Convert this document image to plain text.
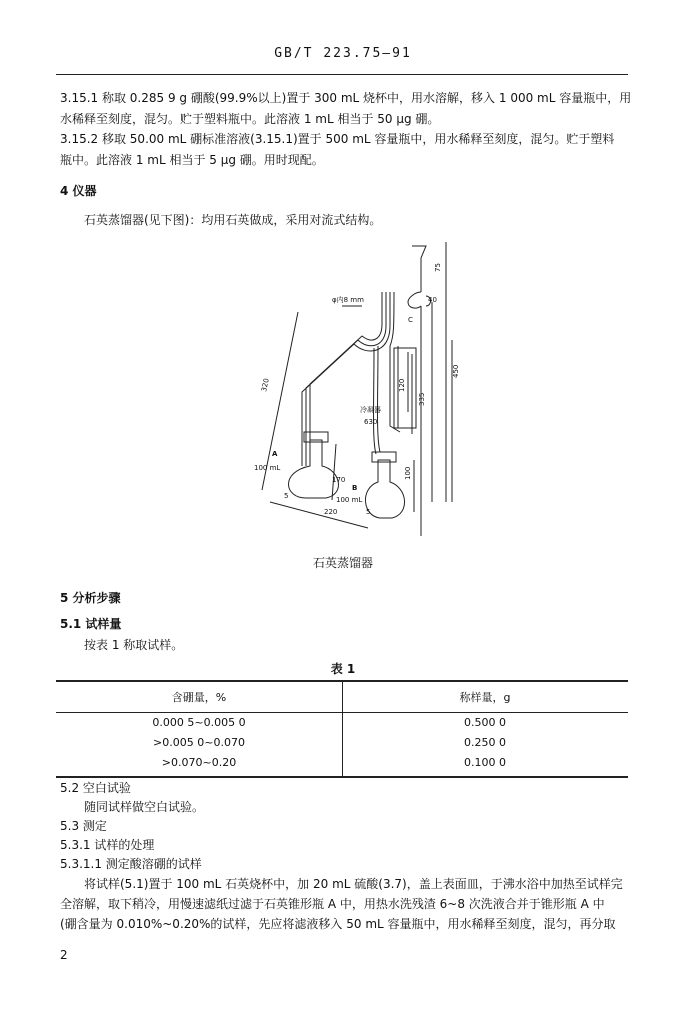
GB/T 223.75—91
3.15.1 称取 0.285 9 g 硼酸(99.9%以上)置于 300 mL 烧杯中，用水溶解，移入 1 000 mL 容量瓶中，用
水稀释至刻度，混匀。贮于塑料瓶中。此溶液 1 mL 相当于 50 μg 硼。
3.15.2 移取 50.00 mL 硼标准溶液(3.15.1)置于 500 mL 容量瓶中，用水稀释至刻度，混匀。贮于塑料
瓶中。此溶液 1 mL 相当于 5 μg 硼。用时现配。
4 仪器
石英蒸馏器(见下图)：均用石英做成，采用对流式结构。
φ内8 mm
320
冷凝器
630
A
100 mL
170
5
B
100 mL
5
220
120
335
100
450
75
40
C
石英蒸馏器
5 分析步骤
5.1 试样量
按表 1 称取试样。
表 1
含硼量，%	称样量，g
0.000 5~0.005 0	0.500 0
>0.005 0~0.070	0.250 0
>0.070~0.20	0.100 0
5.2 空白试验
随同试样做空白试验。
5.3 测定
5.3.1 试样的处理
5.3.1.1 测定酸溶硼的试样
将试样(5.1)置于 100 mL 石英烧杯中，加 20 mL 硫酸(3.7)，盖上表面皿，于沸水浴中加热至试样完
全溶解，取下稍冷，用慢速滤纸过滤于石英锥形瓶 A 中，用热水洗残渣 6~8 次洗液合并于锥形瓶 A 中
(硼含量为 0.010%~0.20%的试样，先应将滤液移入 50 mL 容量瓶中，用水稀释至刻度，混匀，再分取
2
